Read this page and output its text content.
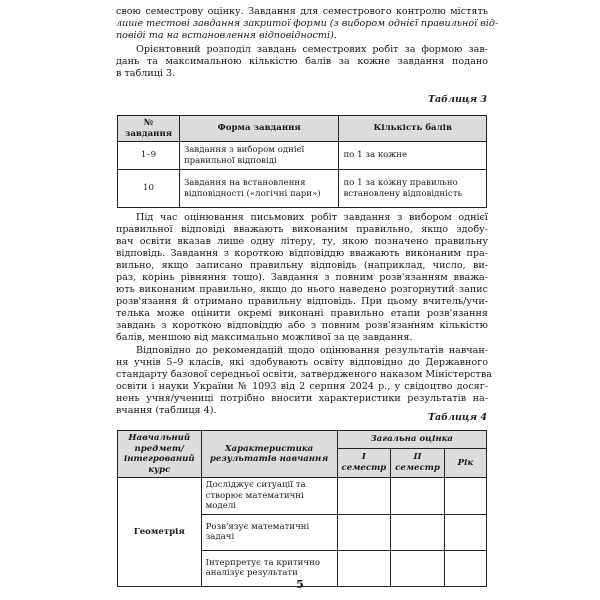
свою семестрову оцінку. Завдання для семестрового контролю містять
лише тестові завдання закритої форми (з вибором однієї правильної від-
повіді та на встановлення відповідності).
Орієнтовний розподіл завдань семестрових робіт за формою зав-
дань та максимальною кількістю балів за кожне завдання подано
в таблиці 3.
Таблиця 3
№ завдання	Форма завдання	Кількість балів
1–9	Завдання з вибором однієї правильної відповіді	по 1 за кожне
10	Завдання на встановлення відповідності («логічні пари»)	по 1 за кожну правильно встановлену відповідність
Під час оцінювання письмових робіт завдання з вибором однієї
правильної відповіді вважають виконаним правильно, якщо здобу-
вач освіти вказав лише одну літеру, ту, якою позначено правильну
відповідь. Завдання з короткою відповіддю вважають виконаним пра-
вильно, якщо записано правильну відповідь (наприклад, число, ви-
раз, корінь рівняння тощо). Завдання з повним розв'язанням вважа-
ють виконаним правильно, якщо до нього наведено розгорнутий запис
розв'язання й отримано правильну відповідь. При цьому вчитель/учи-
телька може оцінити окремі виконані правильно етапи розв'язання
завдань з короткою відповіддю або з повним розв'язанням кількістю
балів, меншою від максимально можливої за це завдання.
Відповідно до рекомендацій щодо оцінювання результатів навчан-
ня учнів 5–9 класів, які здобувають освіту відповідно до Державного
стандарту базової середньої освіти, затвердженого наказом Міністерства
освіти і науки України № 1093 від 2 серпня 2024 р., у свідоцтво досяг-
нень учня/учениці потрібно вносити характеристики результатів на-
вчання (таблиця 4).
Таблиця 4
Навчальний предмет/ інтегрований курс	Характеристика результатів навчання	Загальна оцінка		
		І семестр	ІІ семестр	Рік
Геометрія	Досліджує ситуації та створює математичні моделі			
	Розв'язує математичні задачі			
	Інтерпретує та критично аналізує результати			
5
